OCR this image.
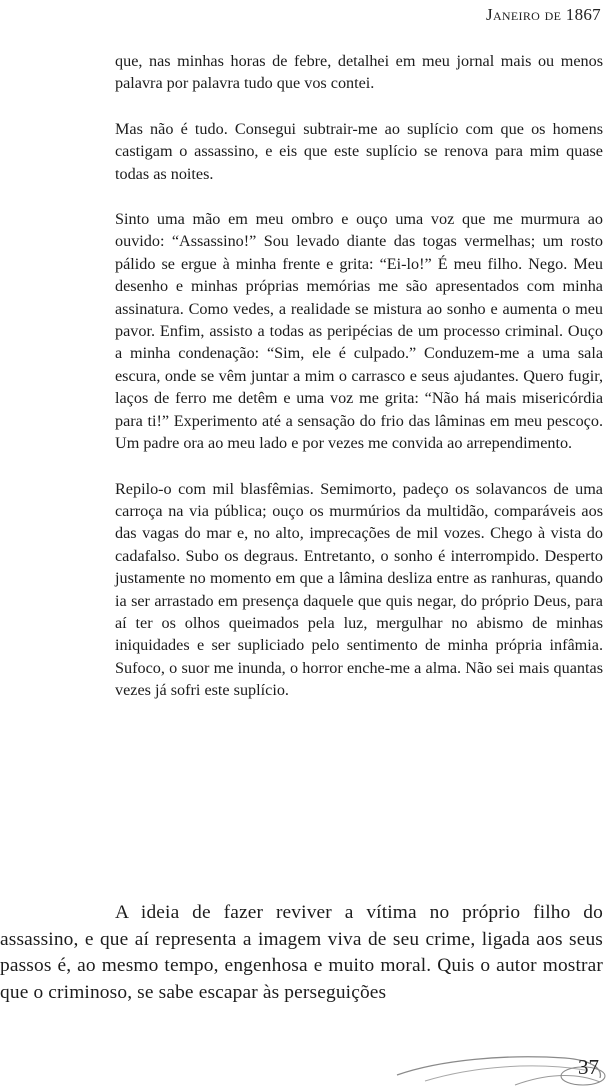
Janeiro de 1867

que, nas minhas horas de febre, detalhei em meu jornal mais ou menos palavra por palavra tudo que vos contei.

Mas não é tudo. Consegui subtrair-me ao suplício com que os homens castigam o assassino, e eis que este suplício se renova para mim quase todas as noites.

Sinto uma mão em meu ombro e ouço uma voz que me murmura ao ouvido: “Assassino!” Sou levado diante das togas vermelhas; um rosto pálido se ergue à minha frente e grita: “Ei-lo!” É meu filho. Nego. Meu desenho e minhas próprias memórias me são apresentados com minha assinatura. Como vedes, a realidade se mistura ao sonho e aumenta o meu pavor. Enfim, assisto a todas as peripécias de um processo criminal. Ouço a minha condenação: “Sim, ele é culpado.” Conduzem-me a uma sala escura, onde se vêm juntar a mim o carrasco e seus ajudantes. Quero fugir, laços de ferro me detêm e uma voz me grita: “Não há mais misericórdia para ti!” Experimento até a sensação do frio das lâminas em meu pescoço. Um padre ora ao meu lado e por vezes me convida ao arrependimento.

Repilo-o com mil blasfêmias. Semimorto, padeço os solavancos de uma carroça na via pública; ouço os murmúrios da multidão, comparáveis aos das vagas do mar e, no alto, imprecações de mil vozes. Chego à vista do cadafalso. Subo os degraus. Entretanto, o sonho é interrompido. Desperto justamente no momento em que a lâmina desliza entre as ranhuras, quando ia ser arrastado em presença daquele que quis negar, do próprio Deus, para aí ter os olhos queimados pela luz, mergulhar no abismo de minhas iniquidades e ser supliciado pelo sentimento de minha própria infâmia. Sufoco, o suor me inunda, o horror enche-me a alma. Não sei mais quantas vezes já sofri este suplício.

A ideia de fazer reviver a vítima no próprio filho do assassino, e que aí representa a imagem viva de seu crime, ligada aos seus passos é, ao mesmo tempo, engenhosa e muito moral. Quis o autor mostrar que o criminoso, se sabe escapar às perseguições

37
